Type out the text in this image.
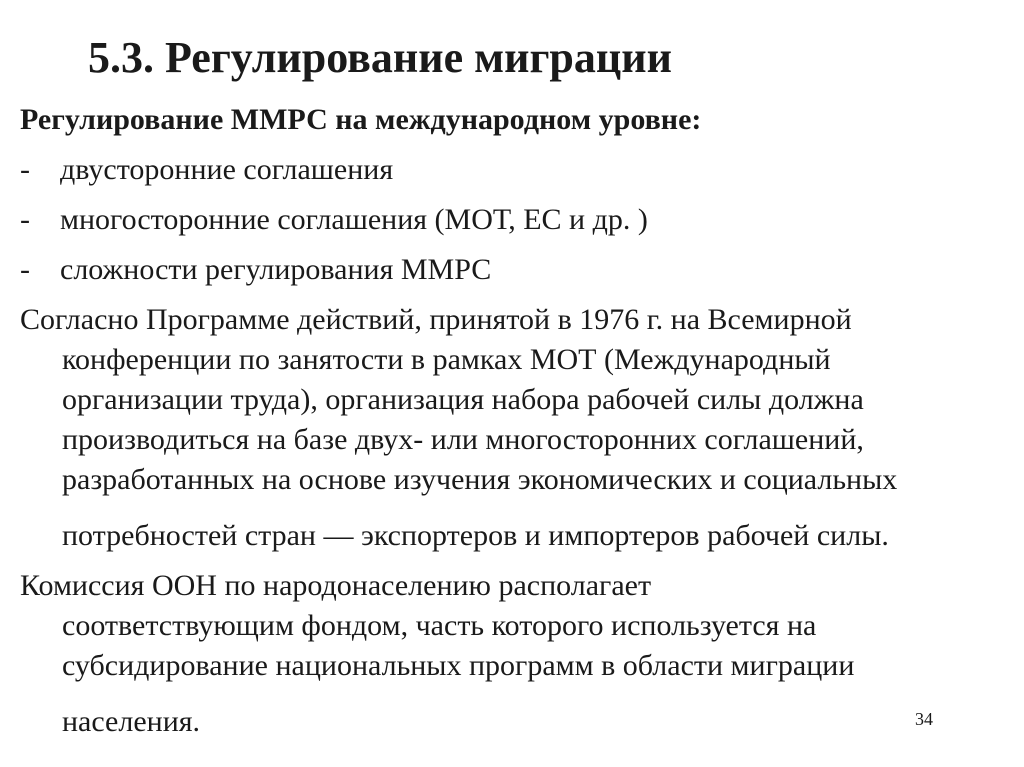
5.3. Регулирование миграции
Регулирование ММРС на международном уровне:
- двусторонние соглашения
- многосторонние соглашения (МОТ, ЕС и др. )
- сложности регулирования ММРС
Согласно Программе действий, принятой в 1976 г. на Всемирной
конференции по занятости в рамках МОТ (Международный
организации труда), организация набора рабочей силы должна
производиться на базе двух- или многосторонних соглашений,
разработанных на основе изучения экономических и социальных
потребностей стран — экспортеров и импортеров рабочей силы.
Комиссия ООН по народонаселению располагает
соответствующим фондом, часть которого используется на
субсидирование национальных программ в области миграции
населения.	34
